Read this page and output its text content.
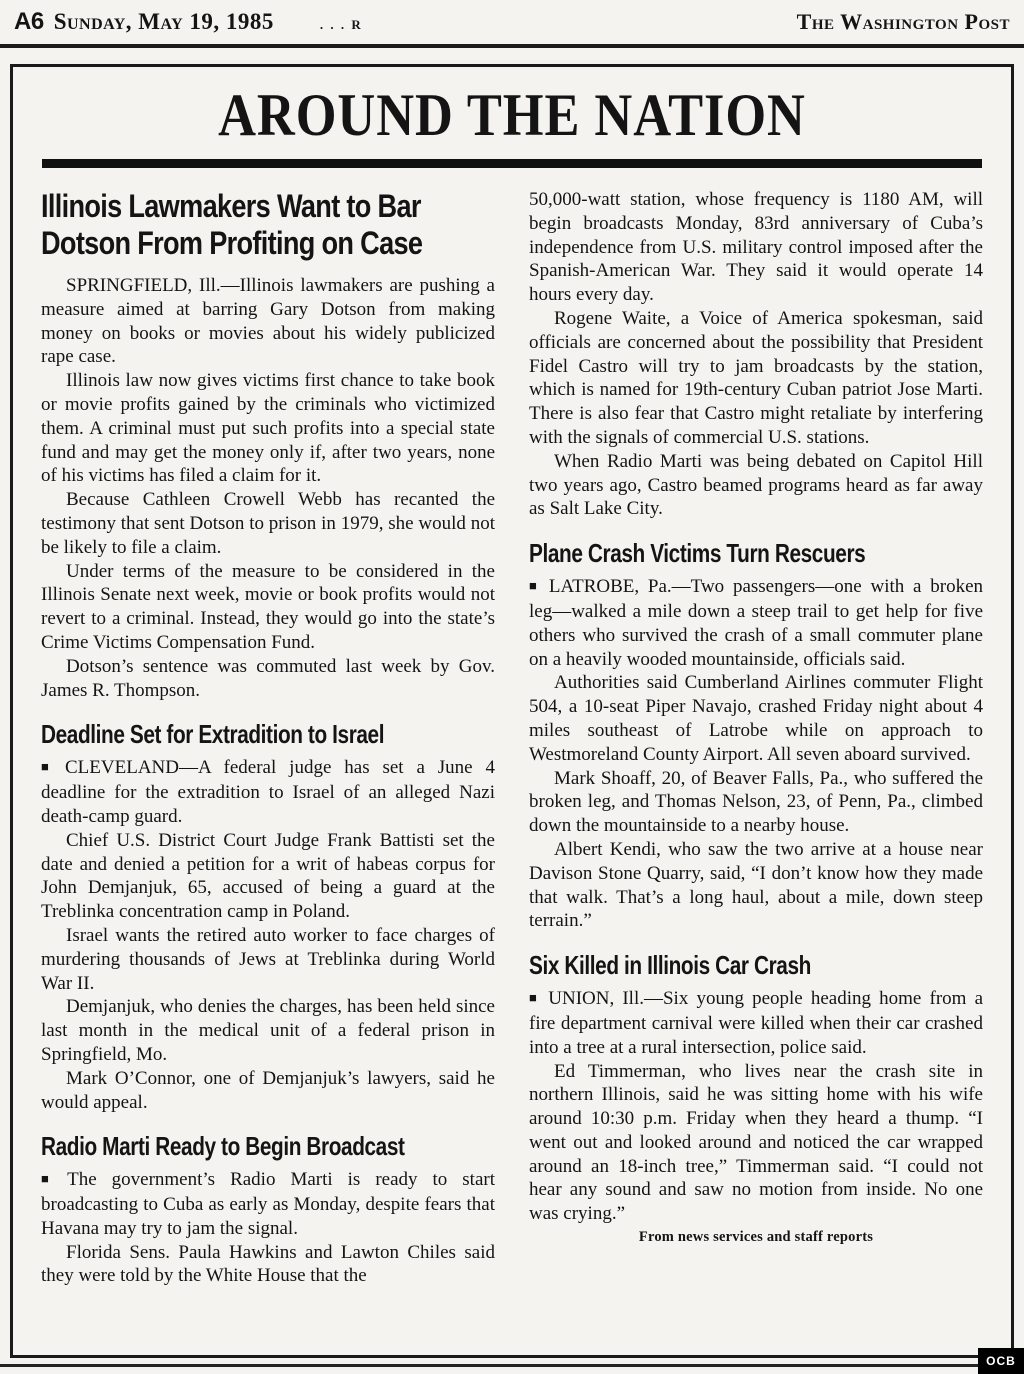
A6 Sunday, May 19, 1985	. . . R	The Washington Post
AROUND THE NATION
Illinois Lawmakers Want to Bar Dotson From Profiting on Case

SPRINGFIELD, Ill.—Illinois lawmakers are pushing a measure aimed at barring Gary Dotson from making money on books or movies about his widely publicized rape case.

Illinois law now gives victims first chance to take book or movie profits gained by the criminals who victimized them. A criminal must put such profits into a special state fund and may get the money only if, after two years, none of his victims has filed a claim for it.

Because Cathleen Crowell Webb has recanted the testimony that sent Dotson to prison in 1979, she would not be likely to file a claim.

Under terms of the measure to be considered in the Illinois Senate next week, movie or book profits would not revert to a criminal. Instead, they would go into the state’s Crime Victims Compensation Fund.

Dotson’s sentence was commuted last week by Gov. James R. Thompson.

Deadline Set for Extradition to Israel

■ CLEVELAND—A federal judge has set a June 4 deadline for the extradition to Israel of an alleged Nazi death-camp guard.

Chief U.S. District Court Judge Frank Battisti set the date and denied a petition for a writ of habeas corpus for John Demjanjuk, 65, accused of being a guard at the Treblinka concentration camp in Poland.

Israel wants the retired auto worker to face charges of murdering thousands of Jews at Treblinka during World War II.

Demjanjuk, who denies the charges, has been held since last month in the medical unit of a federal prison in Springfield, Mo.

Mark O’Connor, one of Demjanjuk’s lawyers, said he would appeal.

Radio Marti Ready to Begin Broadcast

■ The government’s Radio Marti is ready to start broadcasting to Cuba as early as Monday, despite fears that Havana may try to jam the signal.

Florida Sens. Paula Hawkins and Lawton Chiles said they were told by the White House that the

50,000-watt station, whose frequency is 1180 AM, will begin broadcasts Monday, 83rd anniversary of Cuba’s independence from U.S. military control imposed after the Spanish-American War. They said it would operate 14 hours every day.

Rogene Waite, a Voice of America spokesman, said officials are concerned about the possibility that President Fidel Castro will try to jam broadcasts by the station, which is named for 19th-century Cuban patriot Jose Marti. There is also fear that Castro might retaliate by interfering with the signals of commercial U.S. stations.

When Radio Marti was being debated on Capitol Hill two years ago, Castro beamed programs heard as far away as Salt Lake City.

Plane Crash Victims Turn Rescuers

■ LATROBE, Pa.—Two passengers—one with a broken leg—walked a mile down a steep trail to get help for five others who survived the crash of a small commuter plane on a heavily wooded mountainside, officials said.

Authorities said Cumberland Airlines commuter Flight 504, a 10-seat Piper Navajo, crashed Friday night about 4 miles southeast of Latrobe while on approach to Westmoreland County Airport. All seven aboard survived.

Mark Shoaff, 20, of Beaver Falls, Pa., who suffered the broken leg, and Thomas Nelson, 23, of Penn, Pa., climbed down the mountainside to a nearby house.

Albert Kendi, who saw the two arrive at a house near Davison Stone Quarry, said, “I don’t know how they made that walk. That’s a long haul, about a mile, down steep terrain.”

Six Killed in Illinois Car Crash

■ UNION, Ill.—Six young people heading home from a fire department carnival were killed when their car crashed into a tree at a rural intersection, police said.

Ed Timmerman, who lives near the crash site in northern Illinois, said he was sitting home with his wife around 10:30 p.m. Friday when they heard a thump. “I went out and looked around and noticed the car wrapped around an 18-inch tree,” Timmerman said. “I could not hear any sound and saw no motion from inside. No one was crying.”

From news services and staff reports

OCB
